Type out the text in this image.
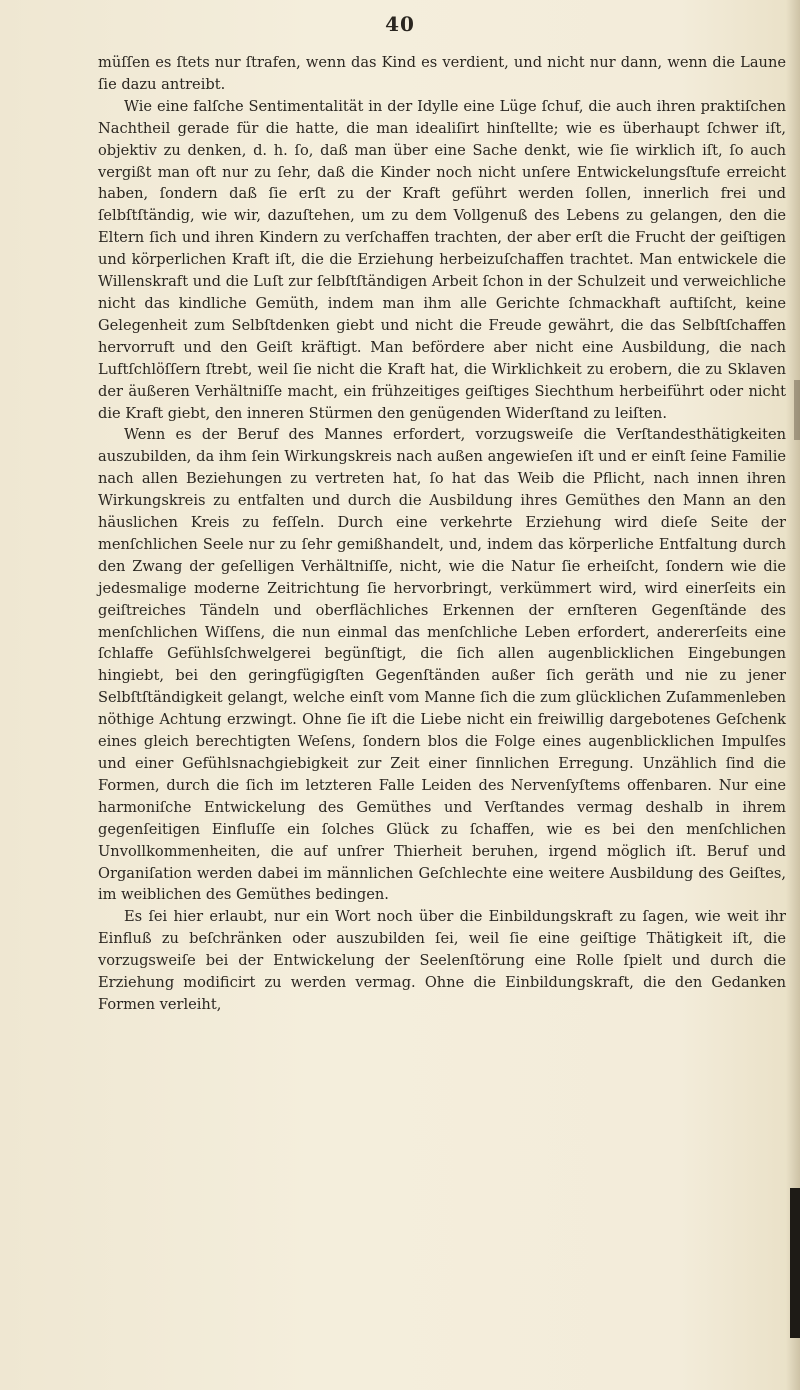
40

müſſen es ſtets nur ſtrafen, wenn das Kind es verdient, und nicht nur dann, wenn die Laune ſie dazu antreibt.

Wie eine falſche Sentimentalität in der Idylle eine Lüge ſchuf, die auch ihren praktiſchen Nachtheil gerade für die hatte, die man idealiſirt hinſtellte; wie es überhaupt ſchwer iſt, objektiv zu denken, d. h. ſo, daß man über eine Sache denkt, wie ſie wirklich iſt, ſo auch vergißt man oft nur zu ſehr, daß die Kinder noch nicht unſere Entwickelungsſtufe erreicht haben, ſondern daß ſie erſt zu der Kraft geführt werden ſollen, innerlich frei und ſelbſtſtändig, wie wir, dazuſtehen, um zu dem Vollgenuß des Lebens zu gelangen, den die Eltern ſich und ihren Kindern zu verſchaffen trachten, der aber erſt die Frucht der geiſtigen und körperlichen Kraft iſt, die die Erziehung herbeizuſchaffen trachtet. Man entwickele die Willenskraft und die Luſt zur ſelbſtſtändigen Arbeit ſchon in der Schulzeit und verweichliche nicht das kindliche Gemüth, indem man ihm alle Gerichte ſchmackhaft auftiſcht, keine Gelegenheit zum Selbſtdenken giebt und nicht die Freude gewährt, die das Selbſtſchaffen hervorruft und den Geiſt kräftigt. Man befördere aber nicht eine Ausbildung, die nach Luftſchlöſſern ſtrebt, weil ſie nicht die Kraft hat, die Wirklichkeit zu erobern, die zu Sklaven der äußeren Verhältniſſe macht, ein frühzeitiges geiſtiges Siechthum herbeiführt oder nicht die Kraft giebt, den inneren Stürmen den genügenden Widerſtand zu leiſten.

Wenn es der Beruf des Mannes erfordert, vorzugsweiſe die Verſtandesthätigkeiten auszubilden, da ihm ſein Wirkungskreis nach außen angewieſen iſt und er einſt ſeine Familie nach allen Beziehungen zu vertreten hat, ſo hat das Weib die Pflicht, nach innen ihren Wirkungskreis zu entfalten und durch die Ausbildung ihres Gemüthes den Mann an den häuslichen Kreis zu feſſeln. Durch eine verkehrte Erziehung wird dieſe Seite der menſchlichen Seele nur zu ſehr gemißhandelt, und, indem das körperliche Entfaltung durch den Zwang der geſelligen Verhältniſſe, nicht, wie die Natur ſie erheiſcht, ſondern wie die jedesmalige moderne Zeitrichtung ſie hervorbringt, verkümmert wird, wird einerſeits ein geiſtreiches Tändeln und oberflächliches Erkennen der ernſteren Gegenſtände des menſchlichen Wiſſens, die nun einmal das menſchliche Leben erfordert, andererſeits eine ſchlaffe Gefühlsſchwelgerei begünſtigt, die ſich allen augenblicklichen Eingebungen hingiebt, bei den geringfügigſten Gegenſtänden außer ſich geräth und nie zu jener Selbſtſtändigkeit gelangt, welche einſt vom Manne ſich die zum glücklichen Zuſammenleben nöthige Achtung erzwingt. Ohne ſie iſt die Liebe nicht ein freiwillig dargebotenes Geſchenk eines gleich berechtigten Weſens, ſondern blos die Folge eines augenblicklichen Impulſes und einer Gefühlsnachgiebigkeit zur Zeit einer ſinnlichen Erregung. Unzählich ſind die Formen, durch die ſich im letzteren Falle Leiden des Nervenſyſtems offenbaren. Nur eine harmoniſche Entwickelung des Gemüthes und Verſtandes vermag deshalb in ihrem gegenſeitigen Einfluſſe ein ſolches Glück zu ſchaffen, wie es bei den menſchlichen Unvollkommenheiten, die auf unſrer Thierheit beruhen, irgend möglich iſt. Beruf und Organiſation werden dabei im männlichen Geſchlechte eine weitere Ausbildung des Geiſtes, im weiblichen des Gemüthes bedingen.

Es ſei hier erlaubt, nur ein Wort noch über die Einbildungskraft zu ſagen, wie weit ihr Einfluß zu beſchränken oder auszubilden ſei, weil ſie eine geiſtige Thätigkeit iſt, die vorzugsweiſe bei der Entwickelung der Seelenſtörung eine Rolle ſpielt und durch die Erziehung modificirt zu werden vermag. Ohne die Einbildungskraft, die den Gedanken Formen verleiht,
